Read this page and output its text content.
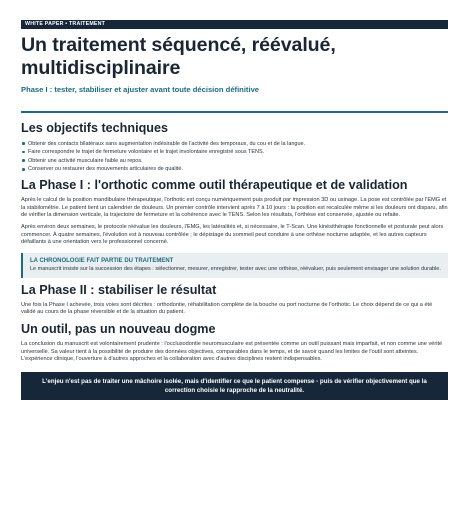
WHITE PAPER • TRAITEMENT
Un traitement séquencé, réévalué, multidisciplinaire
Phase I : tester, stabiliser et ajuster avant toute décision définitive
Les objectifs techniques
Obtenir des contacts bilatéraux sans augmentation indésirable de l'activité des temporaux, du cou et de la langue.
Faire correspondre le trajet de fermeture volontaire et le trajet involontaire enregistré sous TENS.
Obtenir une activité musculaire faible au repos.
Conserver ou restaurer des mouvements articulaires de qualité.
La Phase I : l'orthotic comme outil thérapeutique et de validation

Après le calcul de la position mandibulaire thérapeutique, l'orthotic est conçu numériquement puis produit par impression 3D ou usinage. La pose est contrôlée par l'EMG et la stabilométrie. Le patient tient un calendrier de douleurs. Un premier contrôle intervient après 7 à 10 jours : la position est recalculée même si les douleurs ont disparu, afin de vérifier la dimension verticale, la trajectoire de fermeture et la cohérence avec le TENS. Selon les résultats, l'orthèse est conservée, ajustée ou refaite.

Après environ deux semaines, le protocole réévalue les douleurs, l'EMG, les latéralités et, si nécessaire, le T-Scan. Une kinésithérapie fonctionnelle et posturale peut alors commencer. À quatre semaines, l'évolution est à nouveau contrôlée ; le dépistage du sommeil peut conduire à une orthèse nocturne adaptée, et les autres capteurs défaillants à une orientation vers le professionnel concerné.

LA CHRONOLOGIE FAIT PARTIE DU TRAITEMENT
Le manuscrit insiste sur la succession des étapes : sélectionner, mesurer, enregistrer, tester avec une orthèse, réévaluer, puis seulement envisager une solution durable.
La Phase II : stabiliser le résultat

Une fois la Phase I achevée, trois voies sont décrites : orthodontie, réhabilitation complète de la bouche ou port nocturne de l'orthotic. Le choix dépend de ce qui a été validé au cours de la phase réversible et de la situation du patient.

Un outil, pas un nouveau dogme

La conclusion du manuscrit est volontairement prudente : l'occlusodontie neuromusculaire est présentée comme un outil puissant mais imparfait, et non comme une vérité universelle. Sa valeur tient à la possibilité de produire des données objectives, comparables dans le temps, et de savoir quand les limites de l'outil sont atteintes. L'expérience clinique, l'ouverture à d'autres approches et la collaboration avec d'autres disciplines restent indispensables.

L'enjeu n'est pas de traiter une mâchoire isolée, mais d'identifier ce que le patient compense - puis de vérifier objectivement que la correction choisie le rapproche de la neutralité.
